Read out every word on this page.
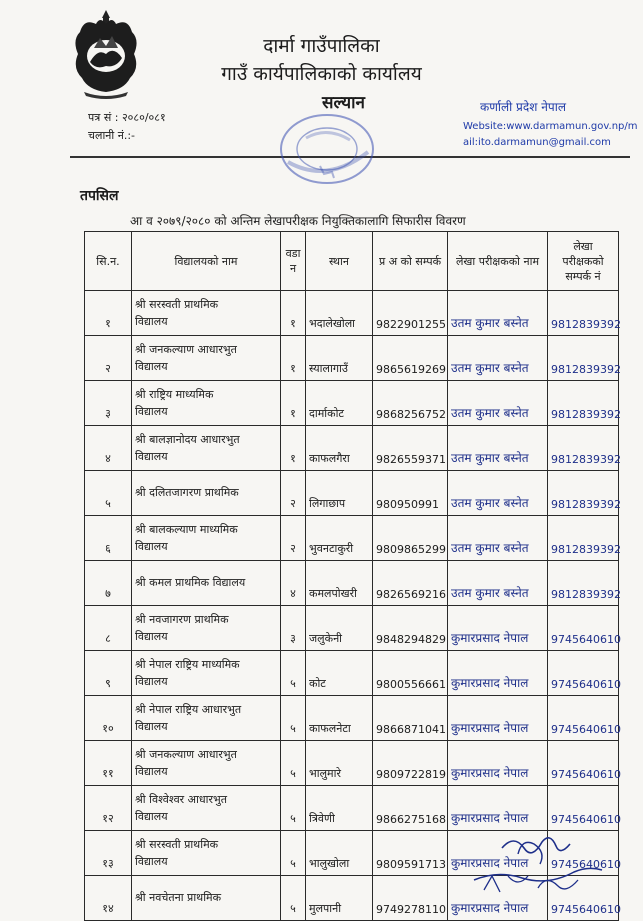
दार्मा गाउँपालिका
गाउँ कार्यपालिकाको कार्यालय
सल्यान
पत्र सं : २०८०/०८१
चलानी नं.:-
कर्णाली प्रदेश नेपाल
Website:www.darmamun.gov.np/m
ail:ito.darmamun@gmail.com
तपसिल
आ व २०७९/२०८० को अन्तिम लेखापरीक्षक नियुक्तिकालागि सिफारीस विवरण
सि.न.	विद्यालयको नाम	वडा न	स्थान	प्र अ को सम्पर्क	लेखा परीक्षकको नाम	लेखा परीक्षकको सम्पर्क नं
१	श्री सरस्वती प्राथमिक
विद्यालय	१	भदालेखोला	9822901255	उतम कुमार बस्नेत	9812839392
२	श्री जनकल्याण आधारभुत
विद्यालय	१	स्यालागाउँ	9865619269	उतम कुमार बस्नेत	9812839392
३	श्री राष्ट्रिय माध्यमिक
विद्यालय	१	दार्माकोट	9868256752	उतम कुमार बस्नेत	9812839392
४	श्री बालज्ञानोदय आधारभुत
विद्यालय	१	काफलगैरा	9826559371	उतम कुमार बस्नेत	9812839392
५	श्री दलितजागरण प्राथमिक	२	लिगाछाप	980950991	उतम कुमार बस्नेत	9812839392
६	श्री बालकल्याण माध्यमिक
विद्यालय	२	भुवनटाकुरी	9809865299	उतम कुमार बस्नेत	9812839392
७	श्री कमल प्राथमिक विद्यालय	४	कमलपोखरी	9826569216	उतम कुमार बस्नेत	9812839392
८	श्री नवजागरण प्राथमिक
विद्यालय	३	जलुकेनी	9848294829	कुमारप्रसाद नेपाल	9745640610
९	श्री नेपाल राष्ट्रिय माध्यमिक
विद्यालय	५	कोट	9800556661	कुमारप्रसाद नेपाल	9745640610
१०	श्री नेपाल राष्ट्रिय आधारभुत
विद्यालय	५	काफलनेटा	9866871041	कुमारप्रसाद नेपाल	9745640610
११	श्री जनकल्याण आधारभुत
विद्यालय	५	भालुमारे	9809722819	कुमारप्रसाद नेपाल	9745640610
१२	श्री विश्वेश्वर आधारभुत
विद्यालय	५	त्रिवेणी	9866275168	कुमारप्रसाद नेपाल	9745640610
१३	श्री सरस्वती प्राथमिक
विद्यालय	५	भालुखोला	9809591713	कुमारप्रसाद नेपाल	9745640610
१४	श्री नवचेतना प्राथमिक	५	मुलपानी	9749278110	कुमारप्रसाद नेपाल	9745640610
